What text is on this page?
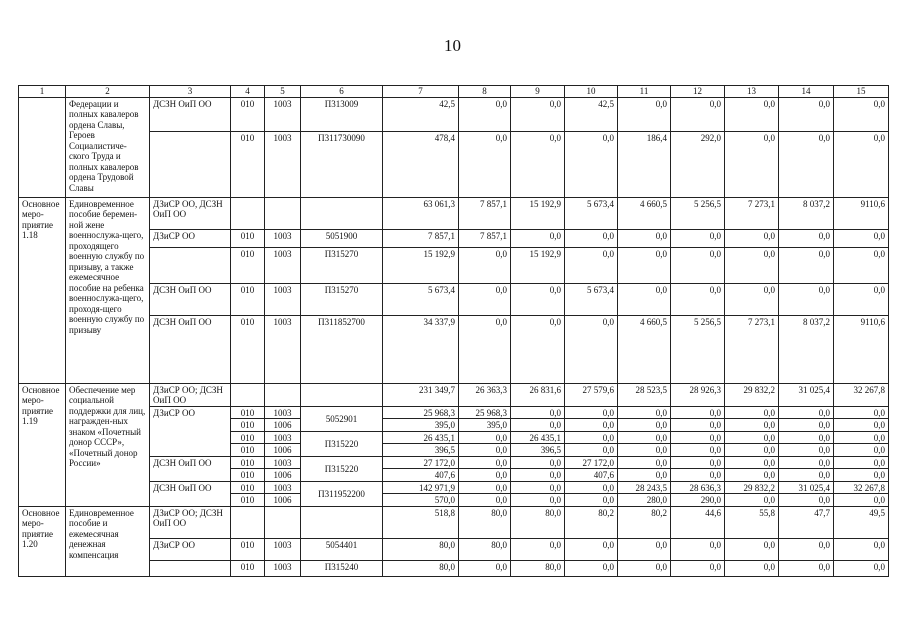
10
1	2	3	4	5	6	7	8	9	10	11	12	13	14	15
	Федерации и полных кавалеров ордена Славы, Героев Социалистиче-ского Труда и полных кавалеров ордена Трудовой Славы	ДСЗН ОиП ОО	010	1003	П313009	42,5	0,0	0,0	42,5	0,0	0,0	0,0	0,0	0,0
			010	1003	П311730090	478,4	0,0	0,0	0,0	186,4	292,0	0,0	0,0	0,0
Основное меро-приятие 1.18	Единовременное пособие беремен-ной жене военнослужа-щего, проходящего военную службу по призыву, а также ежемесячное пособие на ребенка военнослужа-щего, проходя-щего военную службу по призыву	ДЗиСР ОО, ДСЗН ОиП ОО				63 061,3	7 857,1	15 192,9	5 673,4	4 660,5	5 256,5	7 273,1	8 037,2	9110,6
		ДЗиСР ОО	010	1003	5051900	7 857,1	7 857,1	0,0	0,0	0,0	0,0	0,0	0,0	0,0
			010	1003	П315270	15 192,9	0,0	15 192,9	0,0	0,0	0,0	0,0	0,0	0,0
		ДСЗН ОиП ОО	010	1003	П315270	5 673,4	0,0	0,0	5 673,4	0,0	0,0	0,0	0,0	0,0
		ДСЗН ОиП ОО	010	1003	П311852700	34 337,9	0,0	0,0	0,0	4 660,5	5 256,5	7 273,1	8 037,2	9110,6
Основное меро-приятие 1.19	Обеспечение мер социальной поддержки для лиц, награжден-ных знаком «Почетный донор СССР», «Почетный донор России»	ДЗиСР ОО; ДСЗН ОиП ОО				231 349,7	26 363,3	26 831,6	27 579,6	28 523,5	28 926,3	29 832,2	31 025,4	32 267,8
		ДЗиСР ОО	010	1003	5052901	25 968,3	25 968,3	0,0	0,0	0,0	0,0	0,0	0,0	0,0
			010	1006		395,0	395,0	0,0	0,0	0,0	0,0	0,0	0,0	0,0
			010	1003	П315220	26 435,1	0,0	26 435,1	0,0	0,0	0,0	0,0	0,0	0,0
			010	1006		396,5	0,0	396,5	0,0	0,0	0,0	0,0	0,0	0,0
		ДСЗН ОиП ОО	010	1003	П315220	27 172,0	0,0	0,0	27 172,0	0,0	0,0	0,0	0,0	0,0
			010	1006		407,6	0,0	0,0	407,6	0,0	0,0	0,0	0,0	0,0
		ДСЗН ОиП ОО	010	1003	П311952200	142 971,9	0,0	0,0	0,0	28 243,5	28 636,3	29 832,2	31 025,4	32 267,8
			010	1006		570,0	0,0	0,0	0,0	280,0	290,0	0,0	0,0	0,0
Основное меро-приятие 1.20	Единовременное пособие и ежемесячная денежная компенсация	ДЗиСР ОО; ДСЗН ОиП ОО				518,8	80,0	80,0	80,2	80,2	44,6	55,8	47,7	49,5
		ДЗиСР ОО	010	1003	5054401	80,0	80,0	0,0	0,0	0,0	0,0	0,0	0,0	0,0
			010	1003	П315240	80,0	0,0	80,0	0,0	0,0	0,0	0,0	0,0	0,0
